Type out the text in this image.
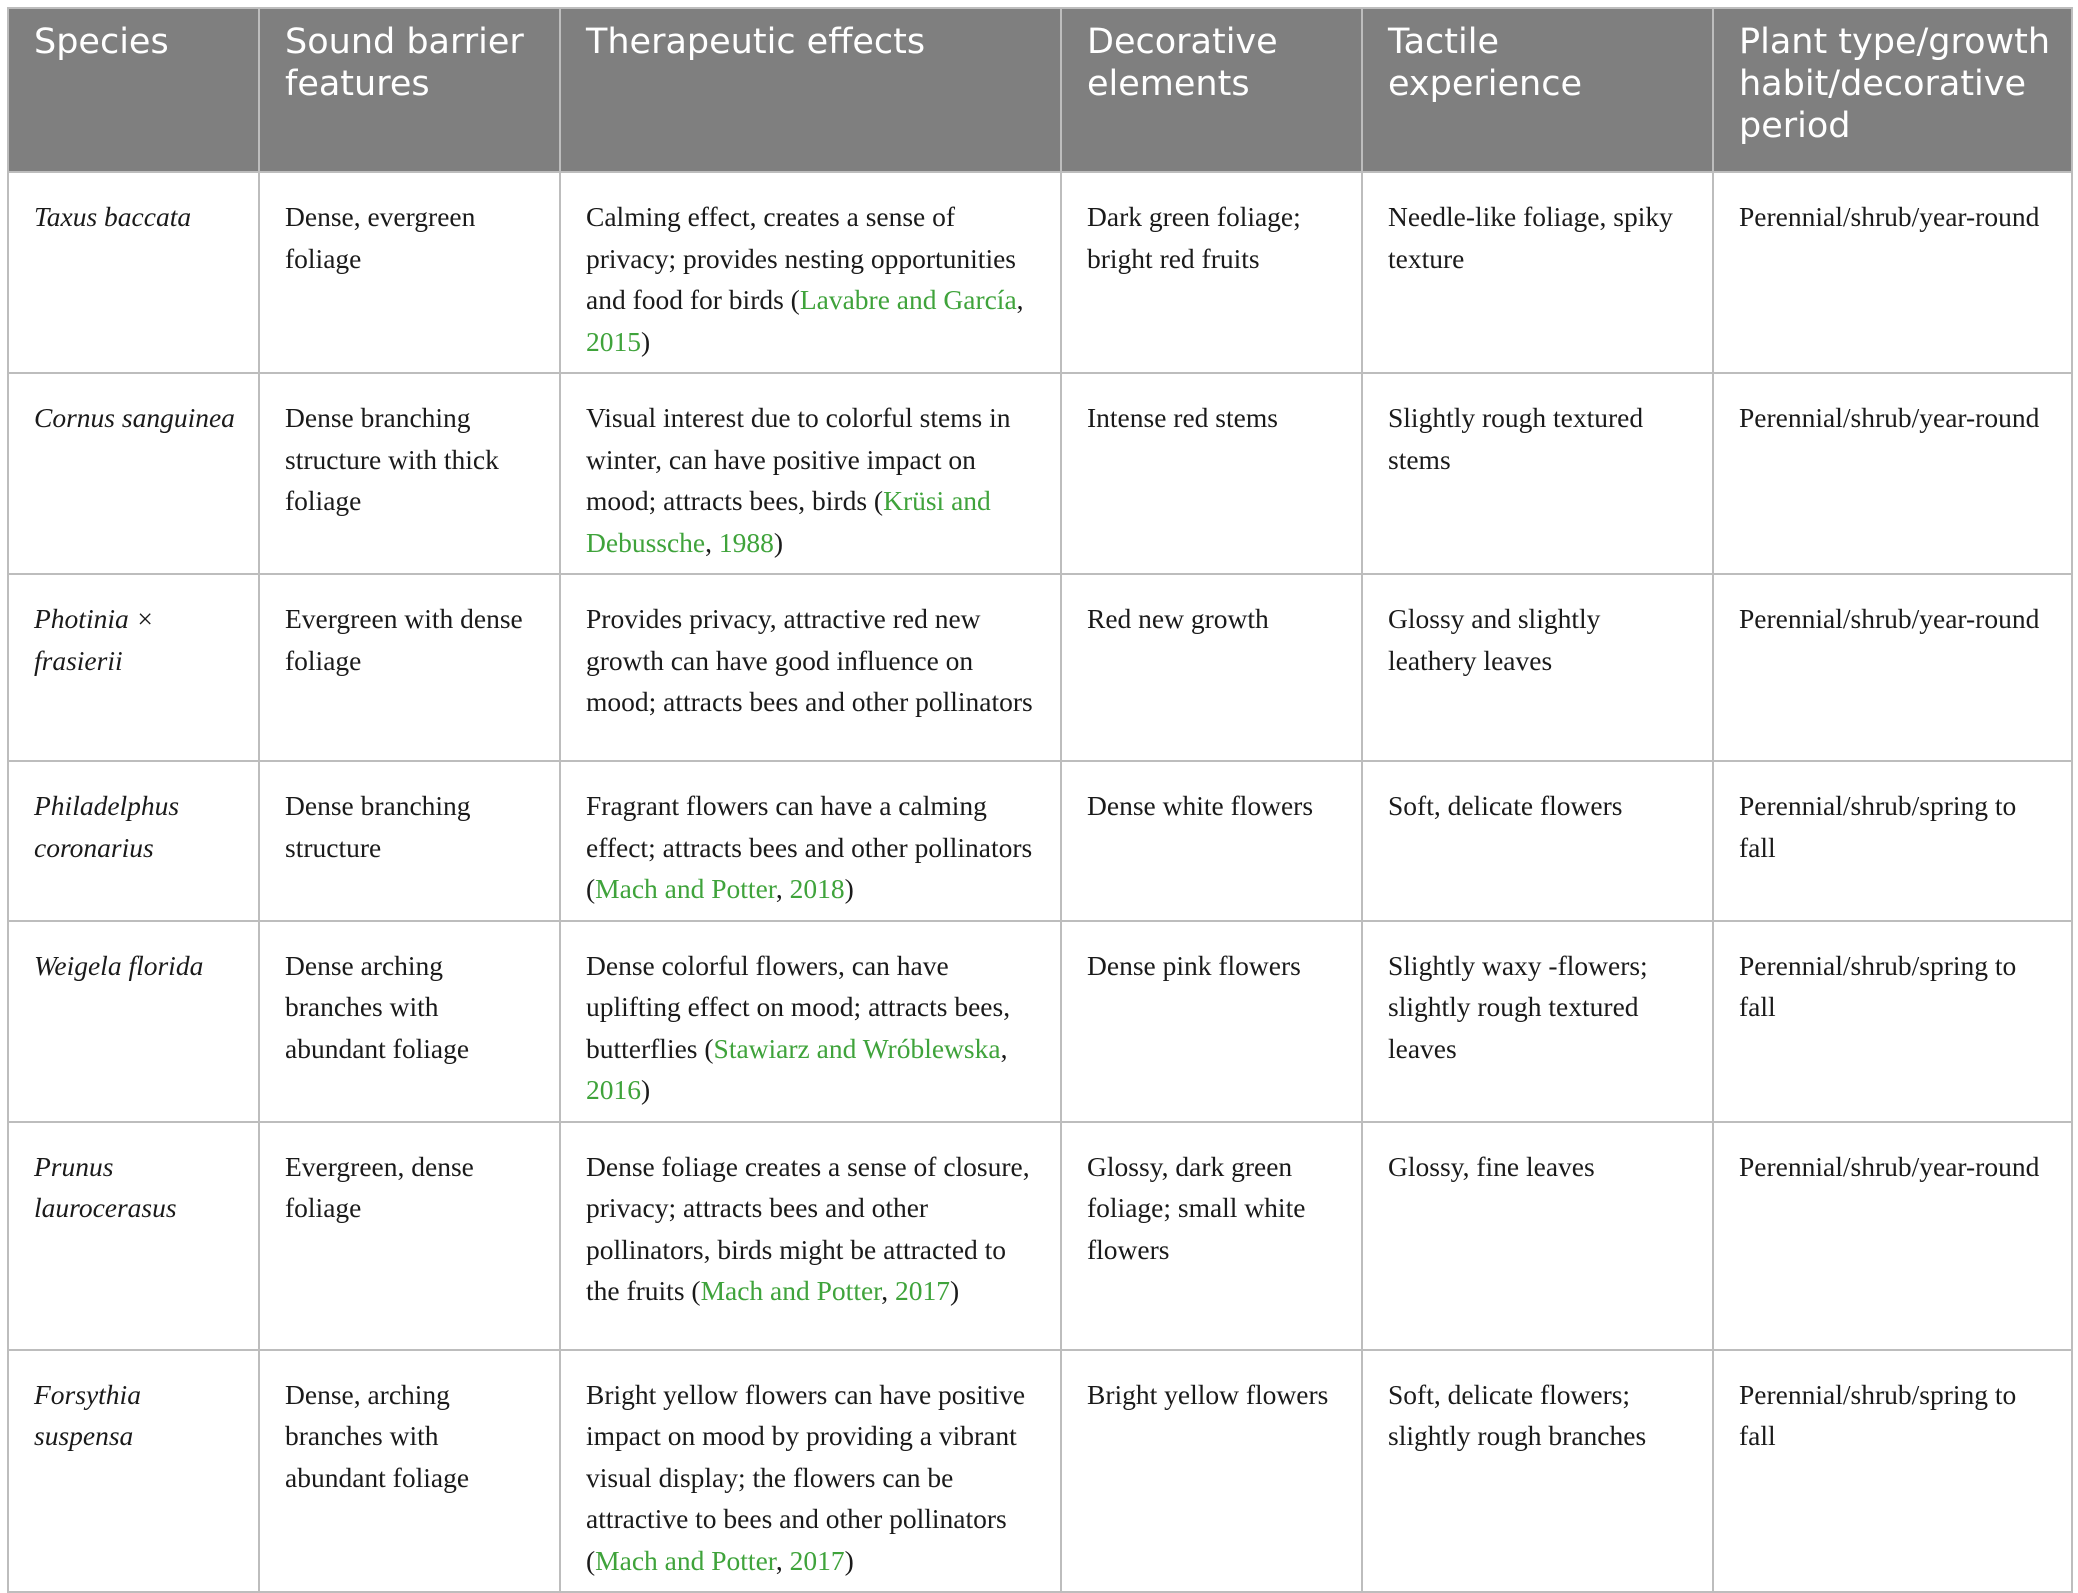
Species	Sound barrier features	Therapeutic effects	Decorative elements	Tactile experience	Plant type/growth habit/decorative period
Taxus baccata	Dense, evergreen foliage	Calming effect, creates a sense of privacy; provides nesting opportunities and food for birds (Lavabre and García, 2015)	Dark green foliage; bright red fruits	Needle-like foliage, spiky texture	Perennial/shrub/year-round
Cornus sanguinea	Dense branching structure with thick foliage	Visual interest due to colorful stems in winter, can have positive impact on mood; attracts bees, birds (Krüsi and Debussche, 1988)	Intense red stems	Slightly rough textured stems	Perennial/shrub/year-round
Photinia × frasierii	Evergreen with dense foliage	Provides privacy, attractive red new growth can have good influence on mood; attracts bees and other pollinators	Red new growth	Glossy and slightly leathery leaves	Perennial/shrub/year-round
Philadelphus coronarius	Dense branching structure	Fragrant flowers can have a calming effect; attracts bees and other pollinators (Mach and Potter, 2018)	Dense white flowers	Soft, delicate flowers	Perennial/shrub/spring to fall
Weigela florida	Dense arching branches with abundant foliage	Dense colorful flowers, can have uplifting effect on mood; attracts bees, butterflies (Stawiarz and Wróblewska, 2016)	Dense pink flowers	Slightly waxy -flowers; slightly rough textured leaves	Perennial/shrub/spring to fall
Prunus laurocerasus	Evergreen, dense foliage	Dense foliage creates a sense of closure, privacy; attracts bees and other pollinators, birds might be attracted to the fruits (Mach and Potter, 2017)	Glossy, dark green foliage; small white flowers	Glossy, fine leaves	Perennial/shrub/year-round
Forsythia suspensa	Dense, arching branches with abundant foliage	Bright yellow flowers can have positive impact on mood by providing a vibrant visual display; the flowers can be attractive to bees and other pollinators (Mach and Potter, 2017)	Bright yellow flowers	Soft, delicate flowers; slightly rough branches	Perennial/shrub/spring to fall
